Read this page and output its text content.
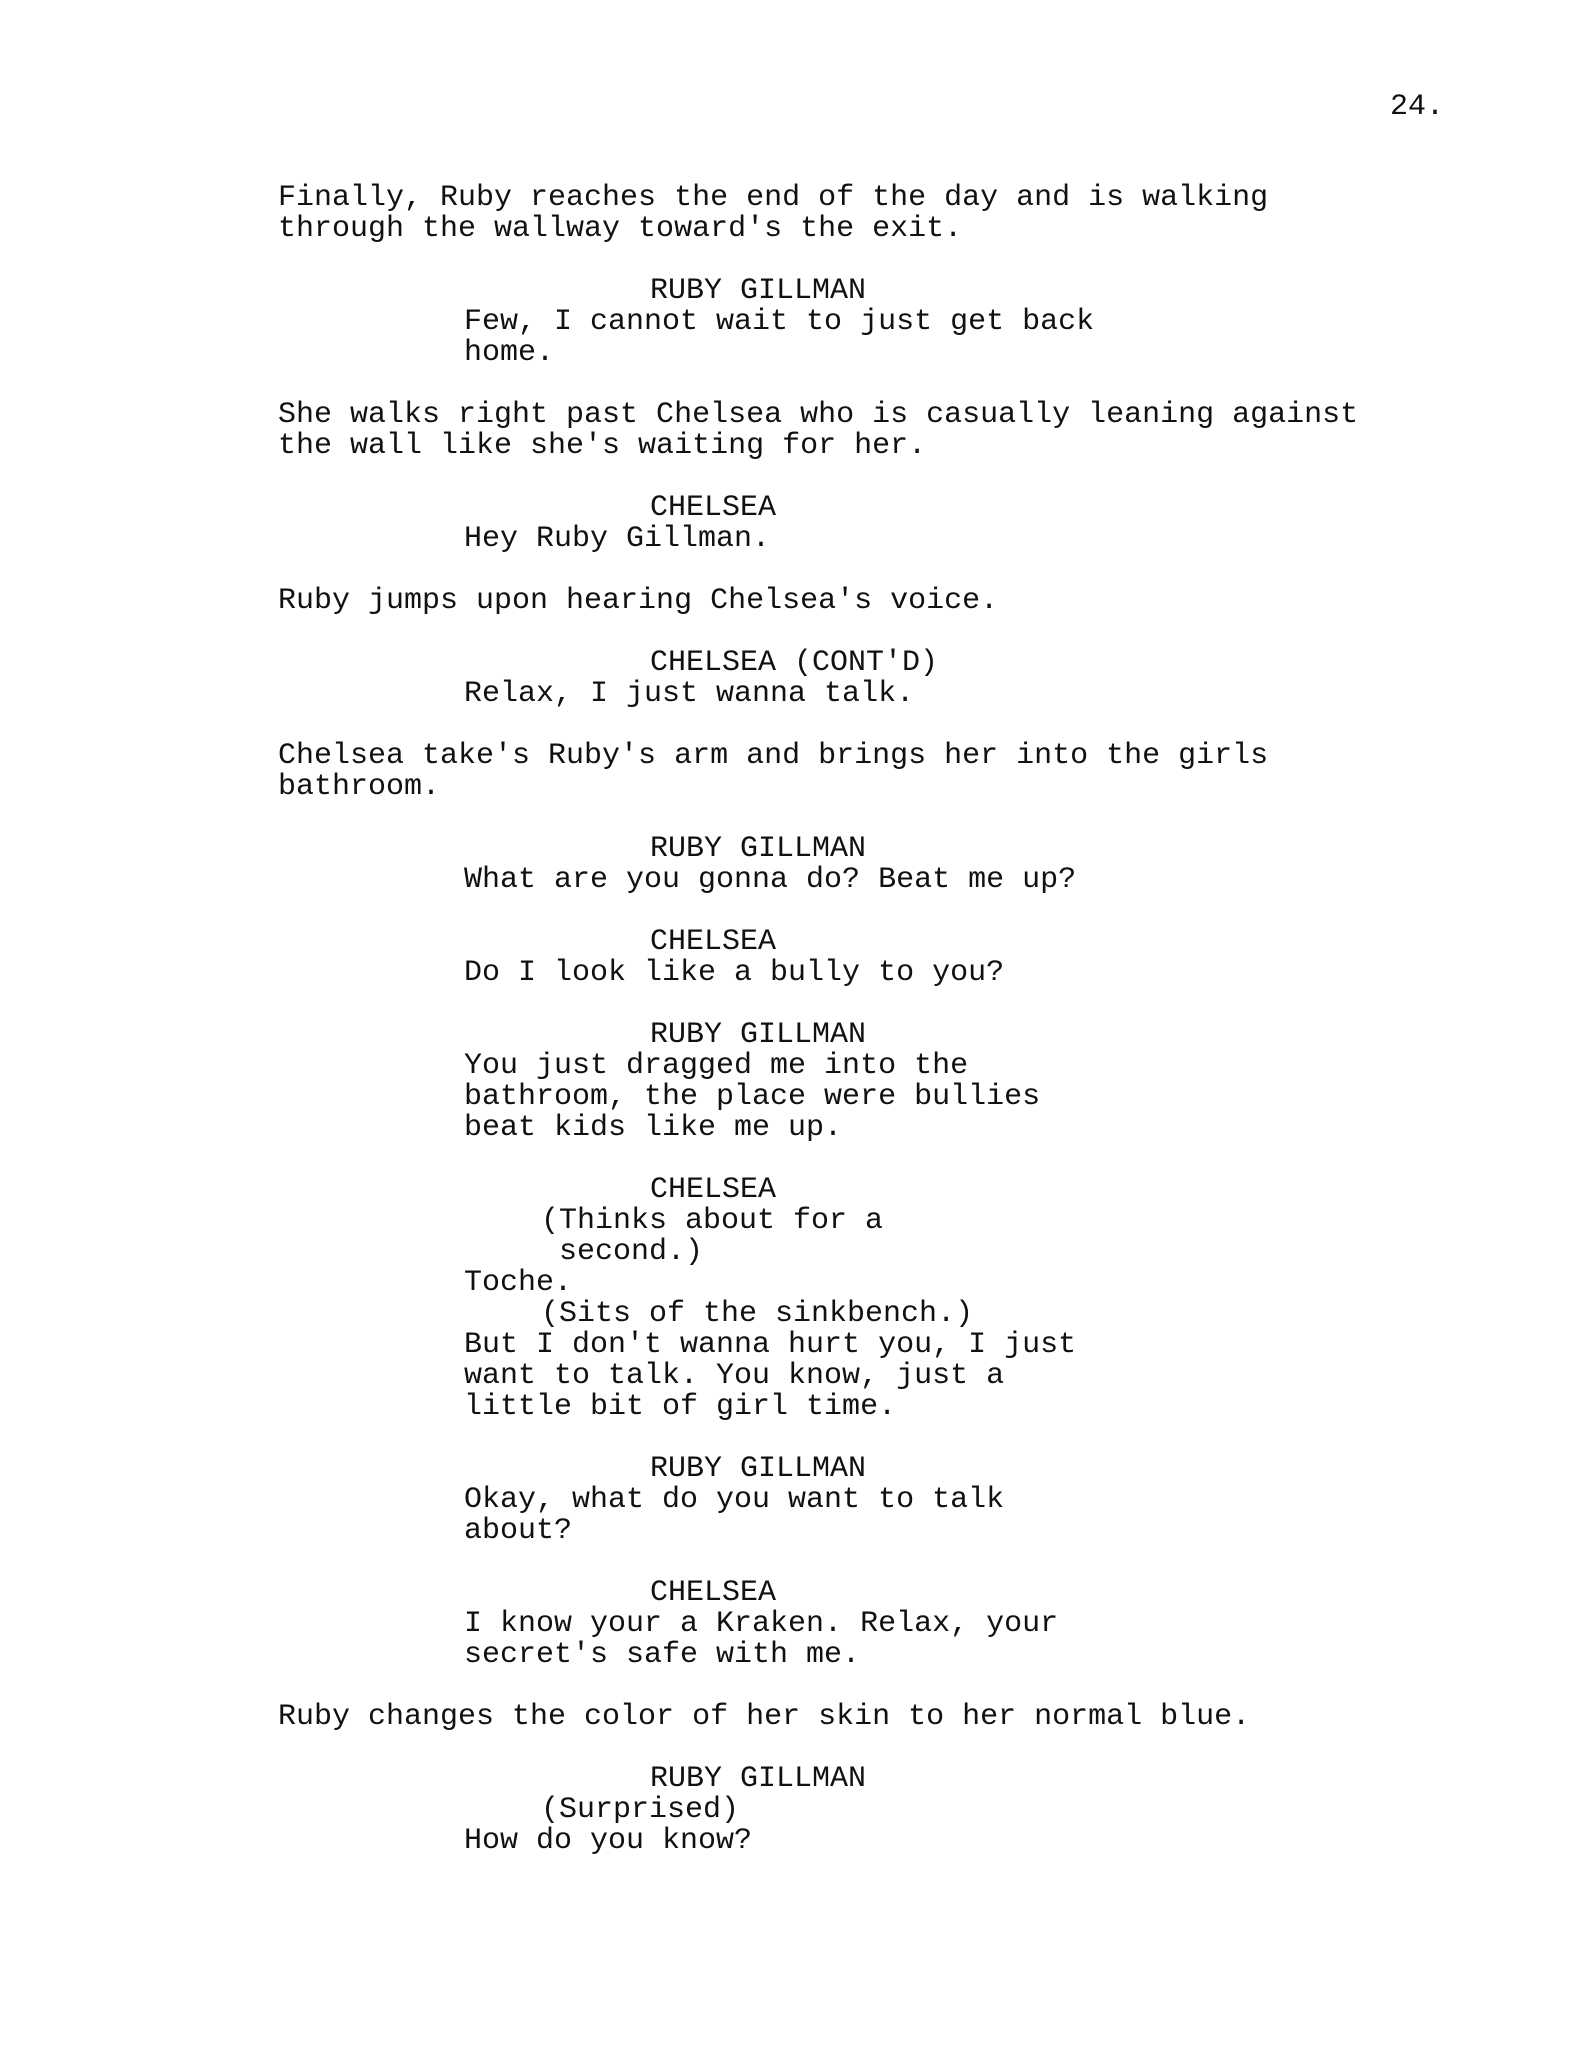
24.
Finally, Ruby reaches the end of the day and is walking
through the wallway toward's the exit.
RUBY GILLMAN
Few, I cannot wait to just get back
home.
She walks right past Chelsea who is casually leaning against
the wall like she's waiting for her.
CHELSEA
Hey Ruby Gillman.
Ruby jumps upon hearing Chelsea's voice.
CHELSEA (CONT'D)
Relax, I just wanna talk.
Chelsea take's Ruby's arm and brings her into the girls
bathroom.
RUBY GILLMAN
What are you gonna do? Beat me up?
CHELSEA
Do I look like a bully to you?
RUBY GILLMAN
You just dragged me into the
bathroom, the place were bullies
beat kids like me up.
CHELSEA
(Thinks about for a
second.)
Toche.
(Sits of the sinkbench.)
But I don't wanna hurt you, I just
want to talk. You know, just a
little bit of girl time.
RUBY GILLMAN
Okay, what do you want to talk
about?
CHELSEA
I know your a Kraken. Relax, your
secret's safe with me.
Ruby changes the color of her skin to her normal blue.
RUBY GILLMAN
(Surprised)
How do you know?
